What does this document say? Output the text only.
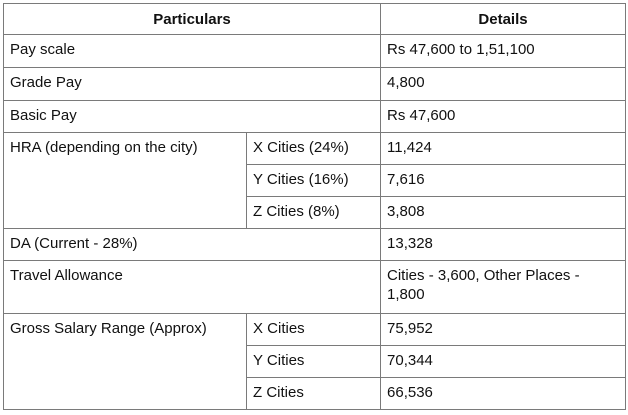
Particulars		Details
Pay scale		Rs 47,600 to 1,51,100
Grade Pay		4,800
Basic Pay		Rs 47,600
HRA (depending on the city)	X Cities (24%)	11,424
	Y Cities (16%)	7,616
	Z Cities (8%)	3,808
DA (Current - 28%)		13,328
Travel Allowance		Cities - 3,600, Other Places - 1,800
Gross Salary Range (Approx)	X Cities	75,952
	Y Cities	70,344
	Z Cities	66,536
